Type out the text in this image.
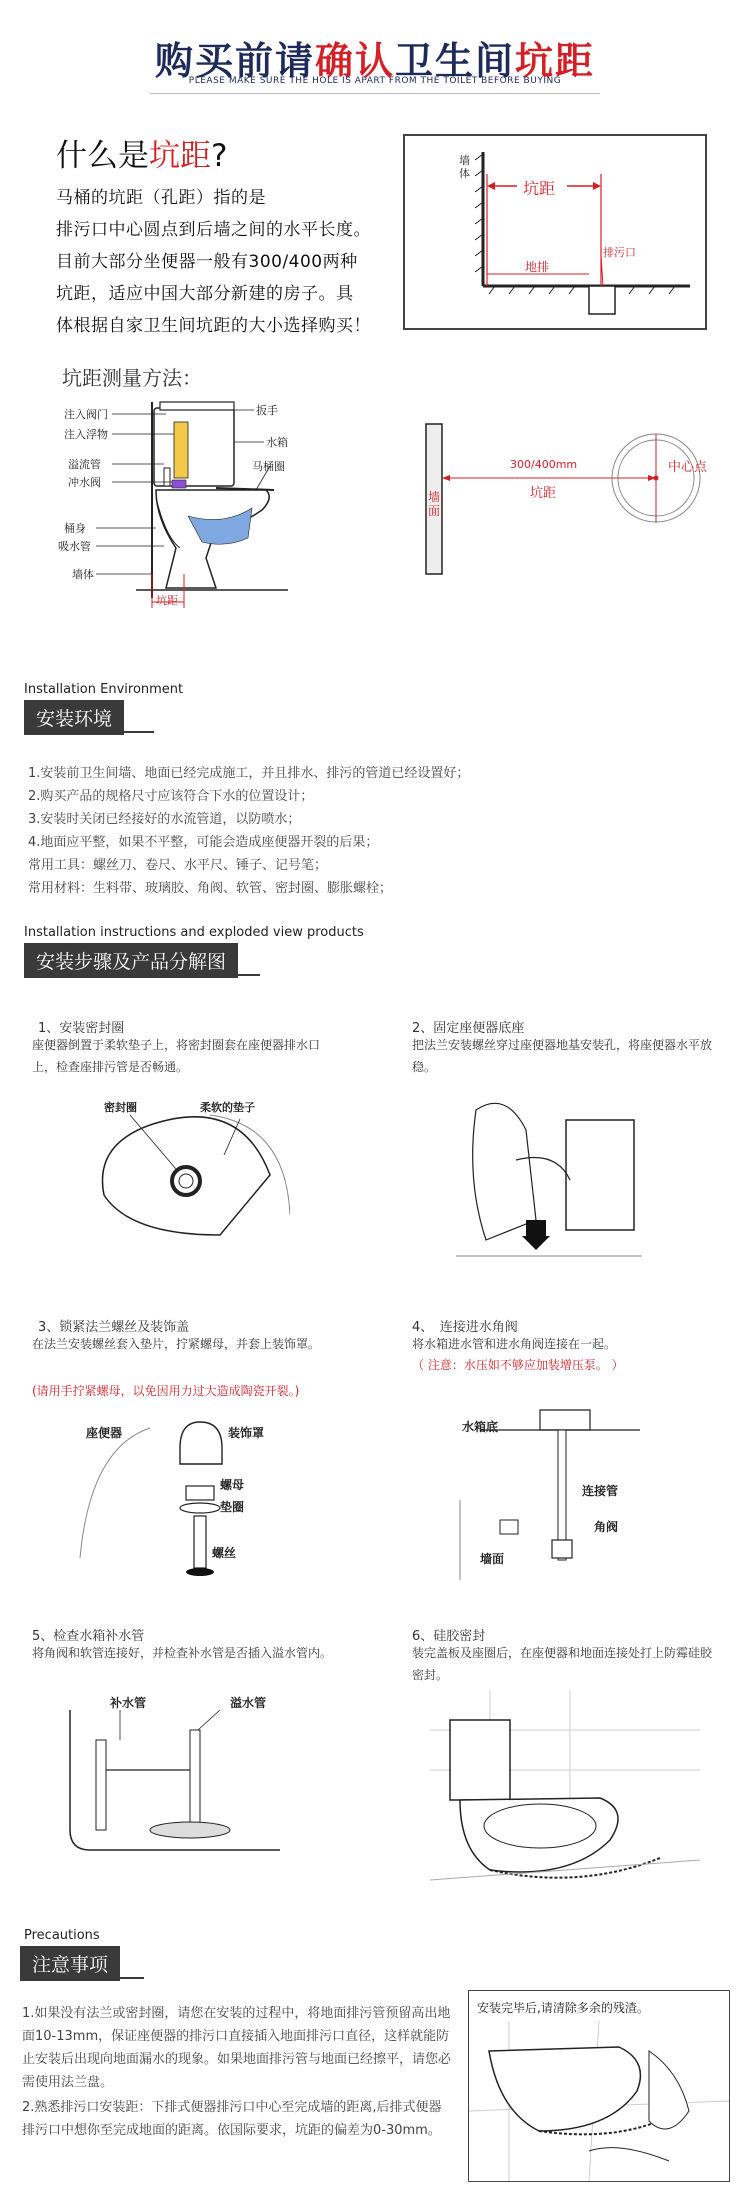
购买前请确认卫生间坑距
PLEASE MAKE SURE THE HOLE IS APART FROM THE TOILET BEFORE BUYING
什么是坑距?
马桶的坑距（孔距）指的是
排污口中心圆点到后墙之间的水平长度。
目前大部分坐便器一般有300/400两种
坑距，适应中国大部分新建的房子。具
体根据自家卫生间坑距的大小选择购买！
墙体
坑距
排污口
地排
坑距测量方法：
注入阀门
注入浮物
溢流管
冲水阀
桶身
吸水管
墙体
扳手
水箱
马桶圈
坑距
300/400mm
坑距
中心点
墙面
Installation Environment
安装环境
1.安装前卫生间墙、地面已经完成施工，并且排水、排污的管道已经设置好；
2.购买产品的规格尺寸应该符合下水的位置设计；
3.安装时关闭已经接好的水流管道，以防喷水；
4.地面应平整，如果不平整，可能会造成座便器开裂的后果；
常用工具：螺丝刀、卷尺、水平尺、锤子、记号笔；
常用材料：生料带、玻璃胶、角阀、软管、密封圈、膨胀螺栓；
Installation instructions and exploded view products
安装步骤及产品分解图
1、安装密封圈
座便器倒置于柔软垫子上，将密封圈套在座便器排水口上，检查座排污管是否畅通。
密封圈	柔软的垫子
2、固定座便器底座
把法兰安装螺丝穿过座便器地基安装孔，将座便器水平放稳。
3、锁紧法兰螺丝及装饰盖
在法兰安装螺丝套入垫片，拧紧螺母，并套上装饰罩。
(请用手拧紧螺母，以免因用力过大造成陶瓷开裂。)
座便器	装饰罩
螺母
垫圈
螺丝
4、　连接进水角阀
将水箱进水管和进水角阀连接在一起。
（ 注意：水压如不够应加装增压泵。 ）
水箱底
连接管
角阀
墙面
5、检查水箱补水管
将角阀和软管连接好，并检查补水管是否插入溢水管内。
补水管	溢水管
6、硅胶密封
装完盖板及座圈后，在座便器和地面连接处打上防霉硅胶密封。
Precautions
注意事项
1.如果没有法兰或密封圈，请您在安装的过程中，将地面排污管预留高出地面10-13mm，保证座便器的排污口直接插入地面排污口直径，这样就能防止安装后出现向地面漏水的现象。如果地面排污管与地面已经擦平，请您必需使用法兰盘。
2.熟悉排污口安装距：下排式便器排污口中心至完成墙的距离,后排式便器排污口中想你至完成地面的距离。依国际要求，坑距的偏差为0-30mm。
安装完毕后,请清除多余的残渣。
